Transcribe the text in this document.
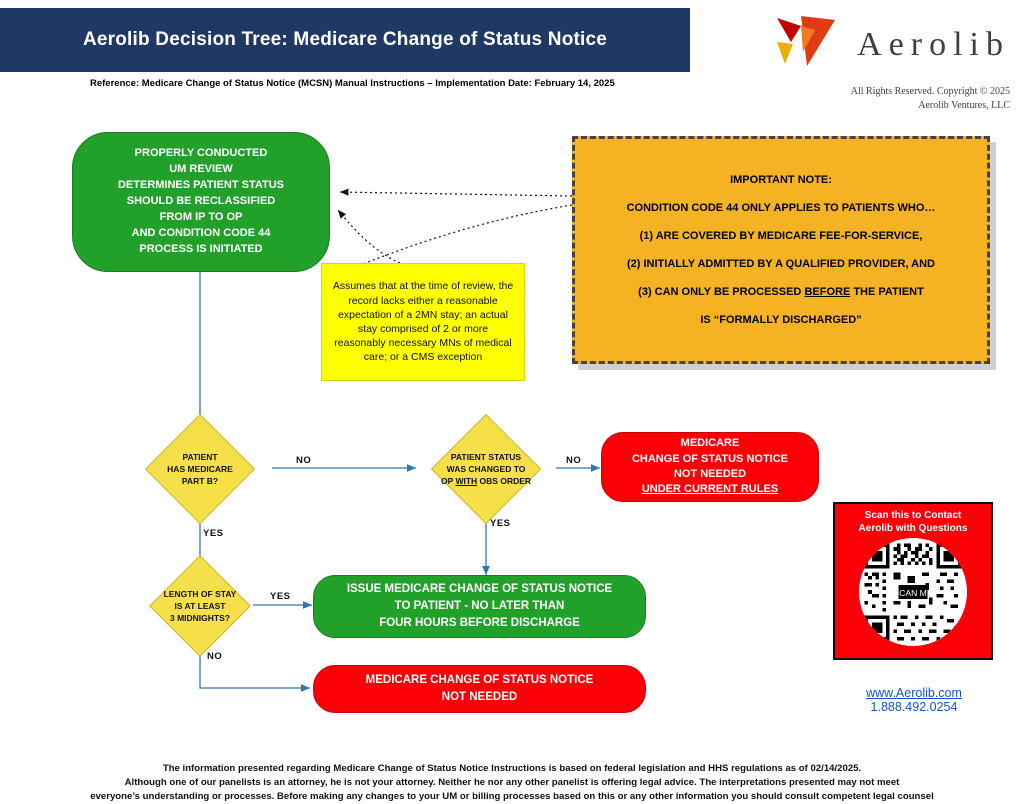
Aerolib Decision Tree: Medicare Change of Status Notice
Reference: Medicare Change of Status Notice (MCSN) Manual Instructions – Implementation Date: February 14, 2025
Aerolib
All Rights Reserved. Copyright © 2025
Aerolib Ventures, LLC
PROPERLY CONDUCTED
UM REVIEW
DETERMINES PATIENT STATUS
SHOULD BE RECLASSIFIED
FROM IP TO OP
AND CONDITION CODE 44
PROCESS IS INITIATED
Assumes that at the time of review, the record lacks either a reasonable expectation of a 2MN stay; an actual stay comprised of 2 or more reasonably necessary MNs of medical care; or a CMS exception

IMPORTANT NOTE:

CONDITION CODE 44 ONLY APPLIES TO PATIENTS WHO…

(1) ARE COVERED BY MEDICARE FEE-FOR-SERVICE,

(2) INITIALLY ADMITTED BY A QUALIFIED PROVIDER, AND

(3) CAN ONLY BE PROCESSED BEFORE THE PATIENT

IS “FORMALLY DISCHARGED”

PATIENT
HAS MEDICARE
PART B?
PATIENT STATUS
WAS CHANGED TO
OP WITH OBS ORDER
LENGTH OF STAY
IS AT LEAST
3 MIDNIGHTS?
MEDICARE
CHANGE OF STATUS NOTICE
NOT NEEDED
UNDER CURRENT RULES
ISSUE MEDICARE CHANGE OF STATUS NOTICE
TO PATIENT - NO LATER THAN
FOUR HOURS BEFORE DISCHARGE
MEDICARE CHANGE OF STATUS NOTICE
NOT NEEDED
NO
YES
NO
YES
YES
NO
Scan this to Contact
Aerolib with Questions
SCAN ME
www.Aerolib.com
1.888.492.0254

The information presented regarding Medicare Change of Status Notice Instructions is based on federal legislation and HHS regulations as of 02/14/2025.

Although one of our panelists is an attorney, he is not your attorney. Neither he nor any other panelist is offering legal advice. The interpretations presented may not meet

everyone’s understanding or processes. Before making any changes to your UM or billing processes based on this or any other information you should consult competent legal counsel
